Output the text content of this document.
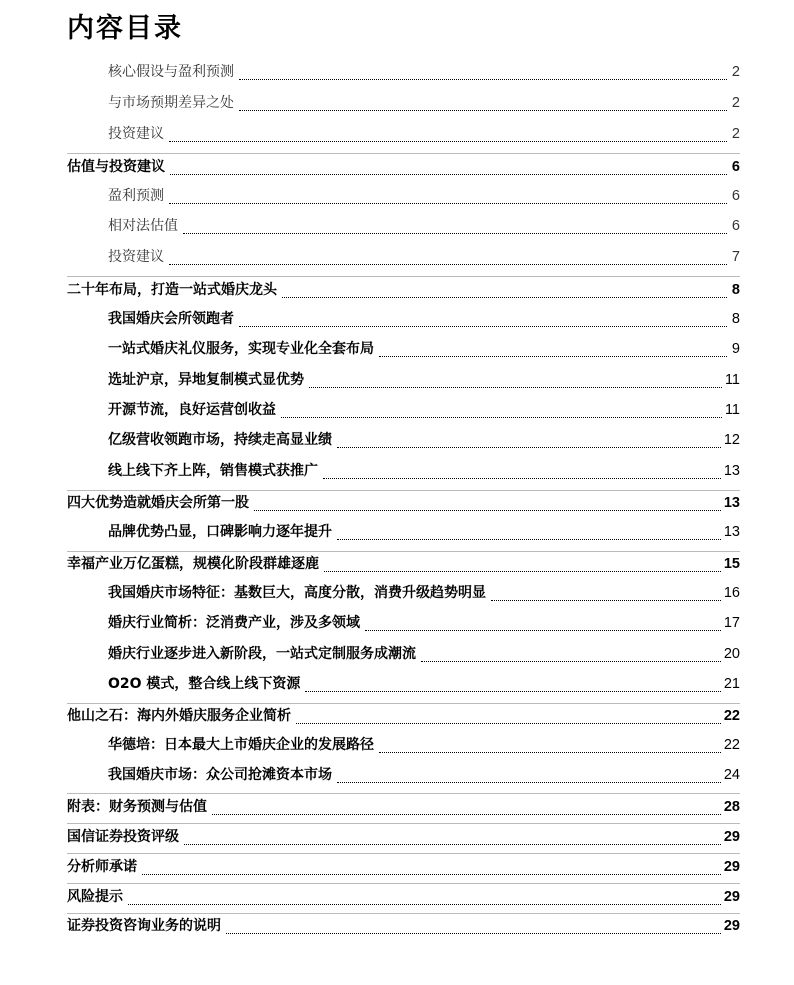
内容目录
核心假设与盈利预测	2
与市场预期差异之处	2
投资建议	2
估值与投资建议	6
盈利预测	6
相对法估值	6
投资建议	7
二十年布局，打造一站式婚庆龙头	8
我国婚庆会所领跑者	8
一站式婚庆礼仪服务，实现专业化全套布局	9
选址沪京，异地复制模式显优势	11
开源节流，良好运营创收益	11
亿级营收领跑市场，持续走高显业绩	12
线上线下齐上阵，销售模式获推广	13
四大优势造就婚庆会所第一股	13
品牌优势凸显，口碑影响力逐年提升	13
幸福产业万亿蛋糕，规模化阶段群雄逐鹿	15
我国婚庆市场特征：基数巨大，高度分散，消费升级趋势明显	16
婚庆行业简析：泛消费产业，涉及多领域	17
婚庆行业逐步进入新阶段，一站式定制服务成潮流	20
O2O 模式，整合线上线下资源	21
他山之石：海内外婚庆服务企业简析	22
华德培：日本最大上市婚庆企业的发展路径	22
我国婚庆市场：众公司抢滩资本市场	24
附表：财务预测与估值	28
国信证券投资评级	29
分析师承诺	29
风险提示	29
证券投资咨询业务的说明	29
